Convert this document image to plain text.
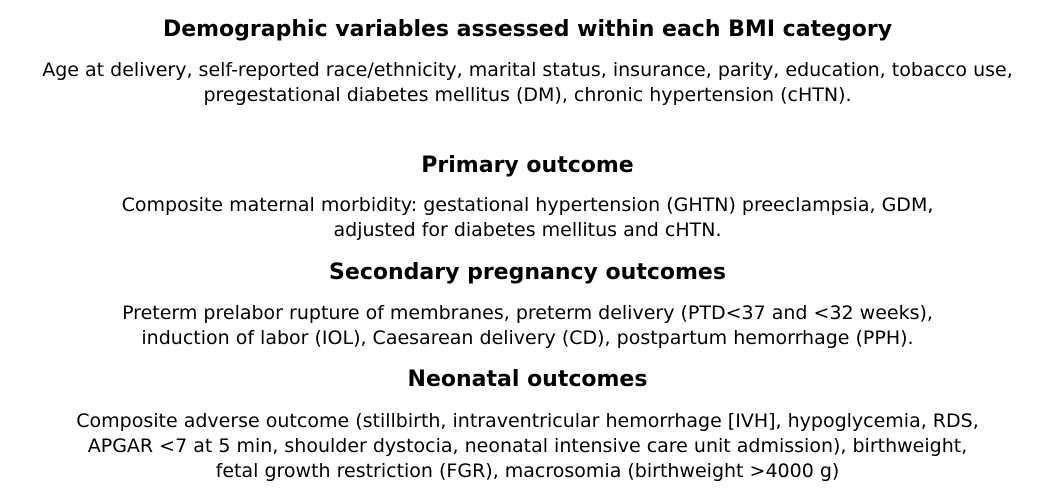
Demographic variables assessed within each BMI category
Age at delivery, self-reported race/ethnicity, marital status, insurance, parity, education, tobacco use,
pregestational diabetes mellitus (DM), chronic hypertension (cHTN).
Primary outcome
Composite maternal morbidity: gestational hypertension (GHTN) preeclampsia, GDM,
adjusted for diabetes mellitus and cHTN.
Secondary pregnancy outcomes
Preterm prelabor rupture of membranes, preterm delivery (PTD<37 and <32 weeks),
induction of labor (IOL), Caesarean delivery (CD), postpartum hemorrhage (PPH).
Neonatal outcomes
Composite adverse outcome (stillbirth, intraventricular hemorrhage [IVH], hypoglycemia, RDS,
APGAR <7 at 5 min, shoulder dystocia, neonatal intensive care unit admission), birthweight,
fetal growth restriction (FGR), macrosomia (birthweight >4000 g)
